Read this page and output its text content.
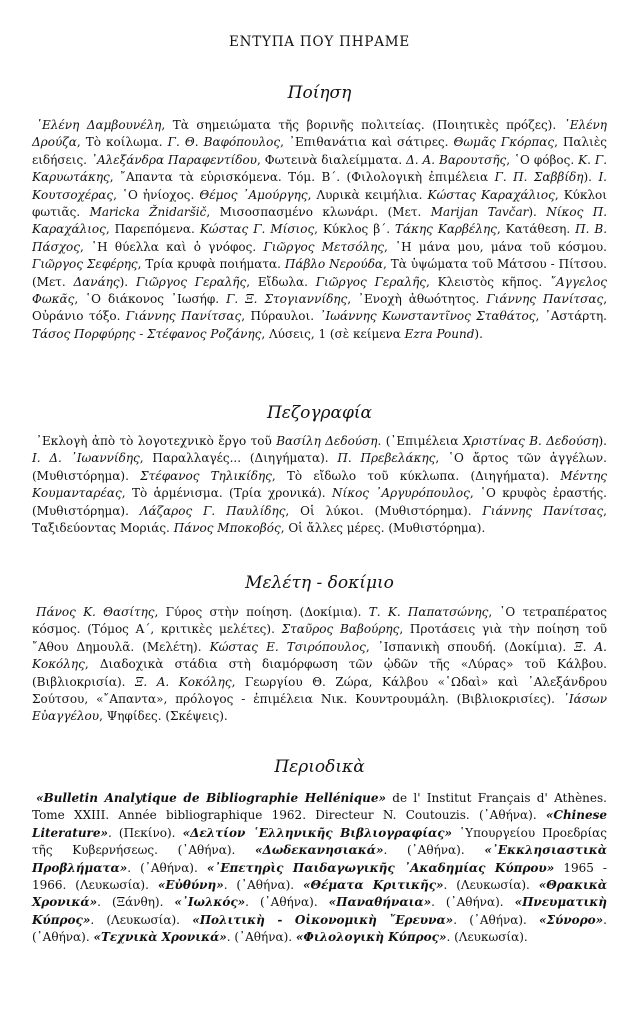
ΕΝΤΥΠΑ ΠΟΥ ΠΗΡΑΜΕ
Ποίηση
῾Ελένη Δαμβουνέλη, Τὰ σημειώματα τῆς βορινῆς πολιτείας. (Ποιητικὲς πρόζες). ᾿Ελένη Δρούζα, Τὸ κοίλωμα. Γ. Θ. Βαφόπουλος, ᾿Επιθανάτια καὶ σάτιρες. Θωμᾶς Γκόρπας, Παλιὲς ειδήσεις. ᾿Αλεξάνδρα Παραφεντίδου, Φωτεινὰ διαλείμματα. Δ. Α. Βαρουτσῆς, ῾Ο φόβος. Κ. Γ. Καρυωτάκης, ῎Απαντα τὰ εὑρισκόμενα. Τόμ. Β΄. (Φιλολογικὴ ἐπιμέλεια Γ. Π. Σαββίδη). Ι. Κουτσοχέρας, ῾Ο ἡνίοχος. Θέμος ᾿Αμούργης, Λυρικὰ κειμήλια. Κώστας Καραχάλιος, Κύκλοι φωτιᾶς. Maricka Žnidaršič, Μισοσπασμένο κλωνάρι. (Μετ. Marijan Tavčar). Νίκος Π. Καραχάλιος, Παρεπόμενα. Κώστας Γ. Μίσιος, Κύκλος β΄. Τάκης Καρβέλης, Κατάθεση. Π. Β. Πάσχος, ῾Η θύελλα καὶ ὁ γνόφος. Γιῶργος Μετσόλης, ῾Η μάνα μου, μάνα τοῦ κόσμου. Γιῶργος Σεφέρης, Τρία κρυφὰ ποιήματα. Πάβλο Νερούδα, Τὰ ὑψώματα τοῦ Μάτσου - Πίτσου. (Μετ. Δανάης). Γιῶργος Γεραλῆς, Εἴδωλα. Γιῶργος Γεραλῆς, Κλειστὸς κῆπος. ῎Αγγελος Φωκᾶς, ῾Ο διάκονος ᾿Ιωσήφ. Γ. Ξ. Στογιαννίδης, ᾿Ενοχὴ ἀθωότητος. Γιάννης Πανίτσας, Οὐράνιο τόξο. Γιάννης Πανίτσας, Πύραυλοι. ᾿Ιωάννης Κωνσταντῖνος Σταθάτος, ᾿Αστάρτη. Τάσος Πορφύρης - Στέφανος Ροζάνης, Λύσεις, 1 (σὲ κείμενα Ezra Pound).
Πεζογραφία
᾿Εκλογὴ ἀπὸ τὸ λογοτεχνικὸ ἔργο τοῦ Βασίλη Δεδούση. (᾿Επιμέλεια Χριστίνας Β. Δεδούση). Ι. Δ. ᾿Ιωαννίδης, Παραλλαγές... (Διηγήματα). Π. Πρεβελάκης, ῾Ο ἄρτος τῶν ἀγγέλων. (Μυθιστόρημα). Στέφανος Τηλικίδης, Τὸ εἴδωλο τοῦ κύκλωπα. (Διηγήματα). Μέντης Κουμανταρέας, Τὸ ἁρμένισμα. (Τρία χρονικά). Νίκος ᾿Αργυρόπουλος, ῾Ο κρυφὸς ἐραστής. (Μυθιστόρημα). Λάζαρος Γ. Παυλίδης, Οἱ λύκοι. (Μυθιστόρημα). Γιάννης Πανίτσας, Ταξιδεύοντας Μοριάς. Πάνος Μποκοβός, Οἱ ἄλλες μέρες. (Μυθιστόρημα).
Μελέτη - δοκίμιο
Πάνος Κ. Θασίτης, Γύρος στὴν ποίηση. (Δοκίμια). Τ. Κ. Παπατσώνης, ῾Ο τετραπέρατος κόσμος. (Τόμος Α΄, κριτικὲς μελέτες). Σταῦρος Βαβούρης, Προτάσεις γιὰ τὴν ποίηση τοῦ ῎Αθου Δημουλᾶ. (Μελέτη). Κώστας Ε. Τσιρόπουλος, ᾿Ισπανικὴ σπουδή. (Δοκίμια). Ξ. Α. Κοκόλης, Διαδοχικὰ στάδια στὴ διαμόρφωση τῶν ᾠδῶν τῆς «Λύρας» τοῦ Κάλβου. (Βιβλιοκρισία). Ξ. Α. Κοκόλης, Γεωργίου Θ. Ζώρα, Κάλβου «῾Ωδαὶ» καὶ ᾿Αλεξάνδρου Σούτσου, «῎Απαντα», πρόλογος - ἐπιμέλεια Νικ. Κουντρουμάλη. (Βιβλιοκρισίες). ᾿Ιάσων Εὐαγγέλου, Ψηφίδες. (Σκέψεις).
Περιοδικὰ
«Bulletin Analytique de Bibliographie Hellénique» de l' Institut Français d' Athènes. Tome XXIII. Année bibliographique 1962. Directeur N. Coutouzis. (᾿Αθήνα). «Chinese Literature». (Πεκίνο). «Δελτίον ῾Ελληνικῆς Βιβλιογραφίας» ῾Υπουργείου Προεδρίας τῆς Κυβερνήσεως. (᾿Αθήνα). «Δωδεκανησιακά». (᾿Αθήνα). «᾿Εκκλησιαστικὰ Προβλήματα». (᾿Αθήνα). «᾿Επετηρὶς Παιδαγωγικῆς ᾿Ακαδημίας Κύπρου» 1965 - 1966. (Λευκωσία). «Εὐθύνη». (᾿Αθήνα). «Θέματα Κριτικῆς». (Λευκωσία). «Θρακικὰ Χρονικά». (Ξάνθη). «᾿Ιωλκός». (᾿Αθήνα). «Παναθήναια». (᾿Αθήνα). «Πνευματικὴ Κύπρος». (Λευκωσία). «Πολιτικὴ - Οἰκονομικὴ ῎Ερευνα». (᾿Αθήνα). «Σύνορο». (᾿Αθήνα). «Τεχνικὰ Χρονικά». (᾿Αθήνα). «Φιλολογικὴ Κύπρος». (Λευκωσία).
